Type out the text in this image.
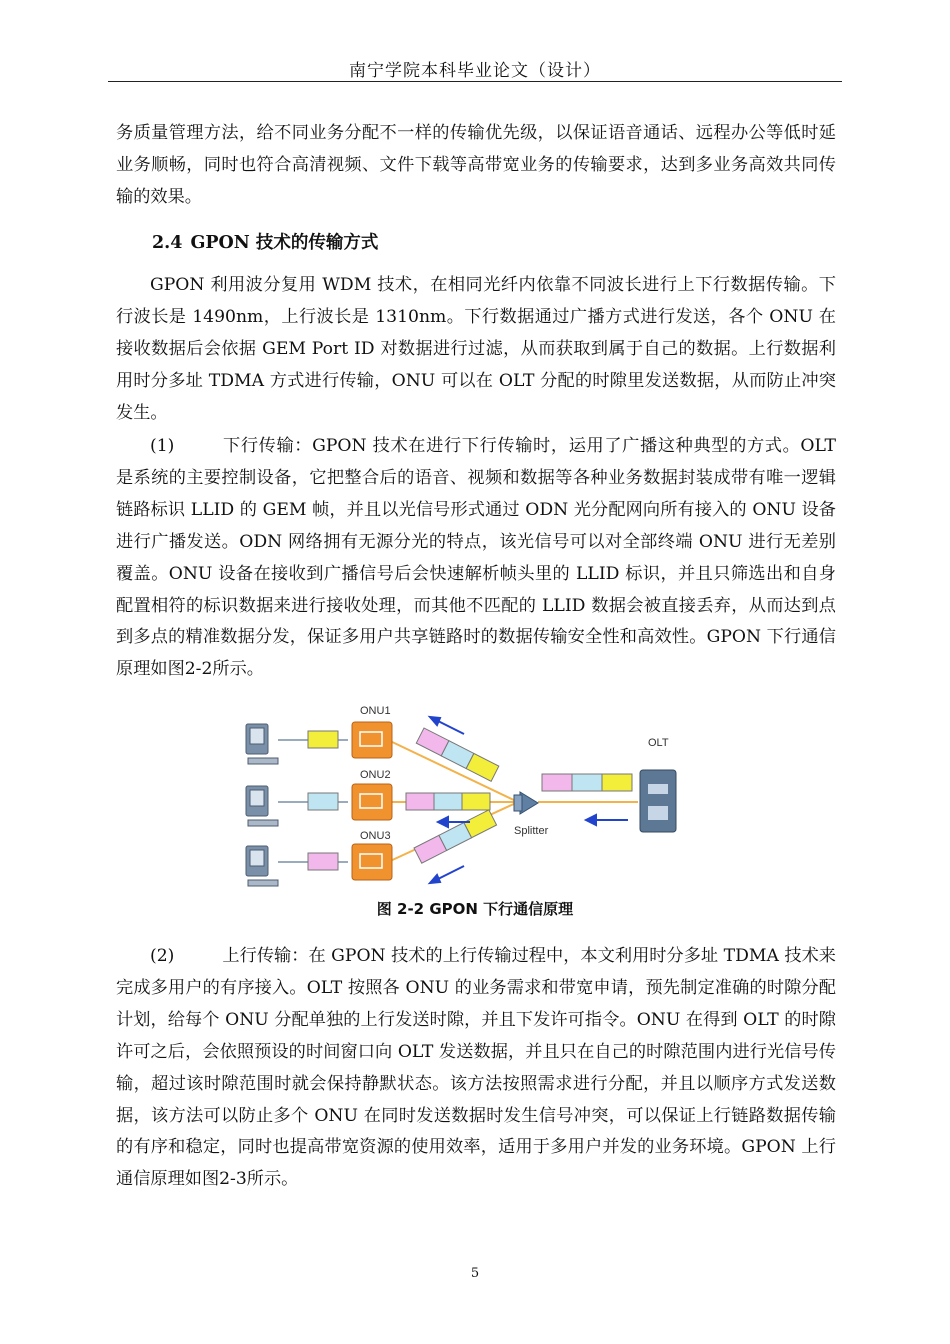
南宁学院本科毕业论文（设计）

务质量管理方法，给不同业务分配不一样的传输优先级，以保证语音通话、远程办公等低时延业务顺畅，同时也符合高清视频、文件下载等高带宽业务的传输要求，达到多业务高效共同传输的效果。

2.4 GPON 技术的传输方式

GPON 利用波分复用 WDM 技术，在相同光纤内依靠不同波长进行上下行数据传输。下行波长是 1490nm，上行波长是 1310nm。下行数据通过广播方式进行发送，各个 ONU 在接收数据后会依据 GEM Port ID 对数据进行过滤，从而获取到属于自己的数据。上行数据利用时分多址 TDMA 方式进行传输，ONU 可以在 OLT 分配的时隙里发送数据，从而防止冲突发生。

(1)	下行传输：GPON 技术在进行下行传输时，运用了广播这种典型的方式。OLT 是系统的主要控制设备，它把整合后的语音、视频和数据等各种业务数据封装成带有唯一逻辑链路标识 LLID 的 GEM 帧，并且以光信号形式通过 ODN 光分配网向所有接入的 ONU 设备进行广播发送。ODN 网络拥有无源分光的特点，该光信号可以对全部终端 ONU 进行无差别覆盖。ONU 设备在接收到广播信号后会快速解析帧头里的 LLID 标识，并且只筛选出和自身配置相符的标识数据来进行接收处理，而其他不匹配的 LLID 数据会被直接丢弃，从而达到点到多点的精准数据分发，保证多用户共享链路时的数据传输安全性和高效性。GPON 下行通信原理如图2-2所示。

ONU1
ONU2
ONU3	Splitter
OLT
图 2-2 GPON 下行通信原理

(2)	上行传输：在 GPON 技术的上行传输过程中，本文利用时分多址 TDMA 技术来完成多用户的有序接入。OLT 按照各 ONU 的业务需求和带宽申请，预先制定准确的时隙分配计划，给每个 ONU 分配单独的上行发送时隙，并且下发许可指令。ONU 在得到 OLT 的时隙许可之后，会依照预设的时间窗口向 OLT 发送数据，并且只在自己的时隙范围内进行光信号传输，超过该时隙范围时就会保持静默状态。该方法按照需求进行分配，并且以顺序方式发送数据，该方法可以防止多个 ONU 在同时发送数据时发生信号冲突，可以保证上行链路数据传输的有序和稳定，同时也提高带宽资源的使用效率，适用于多用户并发的业务环境。GPON 上行通信原理如图2-3所示。

5
